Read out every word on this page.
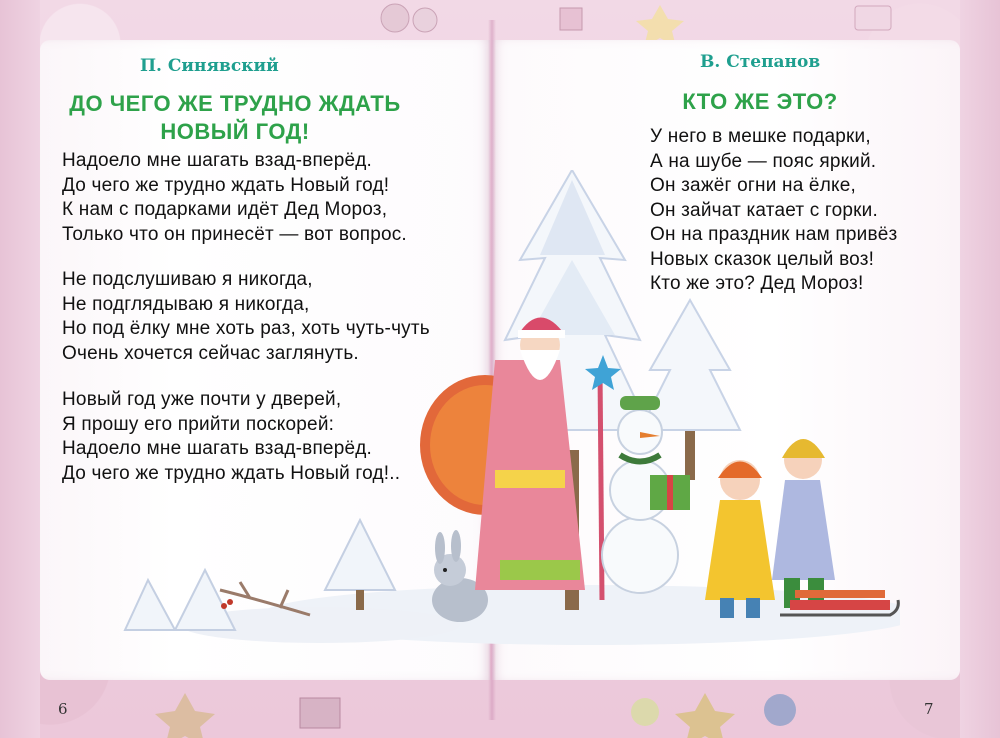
П. Синявский
ДО ЧЕГО ЖЕ ТРУДНО ЖДАТЬ
НОВЫЙ ГОД!
Надоело мне шагать взад-вперёд.
До чего же трудно ждать Новый год!
К нам с подарками идёт Дед Мороз,
Только что он принесёт — вот вопрос.
Не подслушиваю я никогда,
Не подглядываю я никогда,
Но под ёлку мне хоть раз, хоть чуть-чуть
Очень хочется сейчас заглянуть.
Новый год уже почти у дверей,
Я прошу его прийти поскорей:
Надоело мне шагать взад-вперёд.
До чего же трудно ждать Новый год!..
6
В. Степанов
КТО ЖЕ ЭТО?
У него в мешке подарки,
А на шубе — пояс яркий.
Он зажёг огни на ёлке,
Он зайчат катает с горки.
Он на праздник нам привёз
Новых сказок целый воз!
Кто же это? Дед Мороз!
7
